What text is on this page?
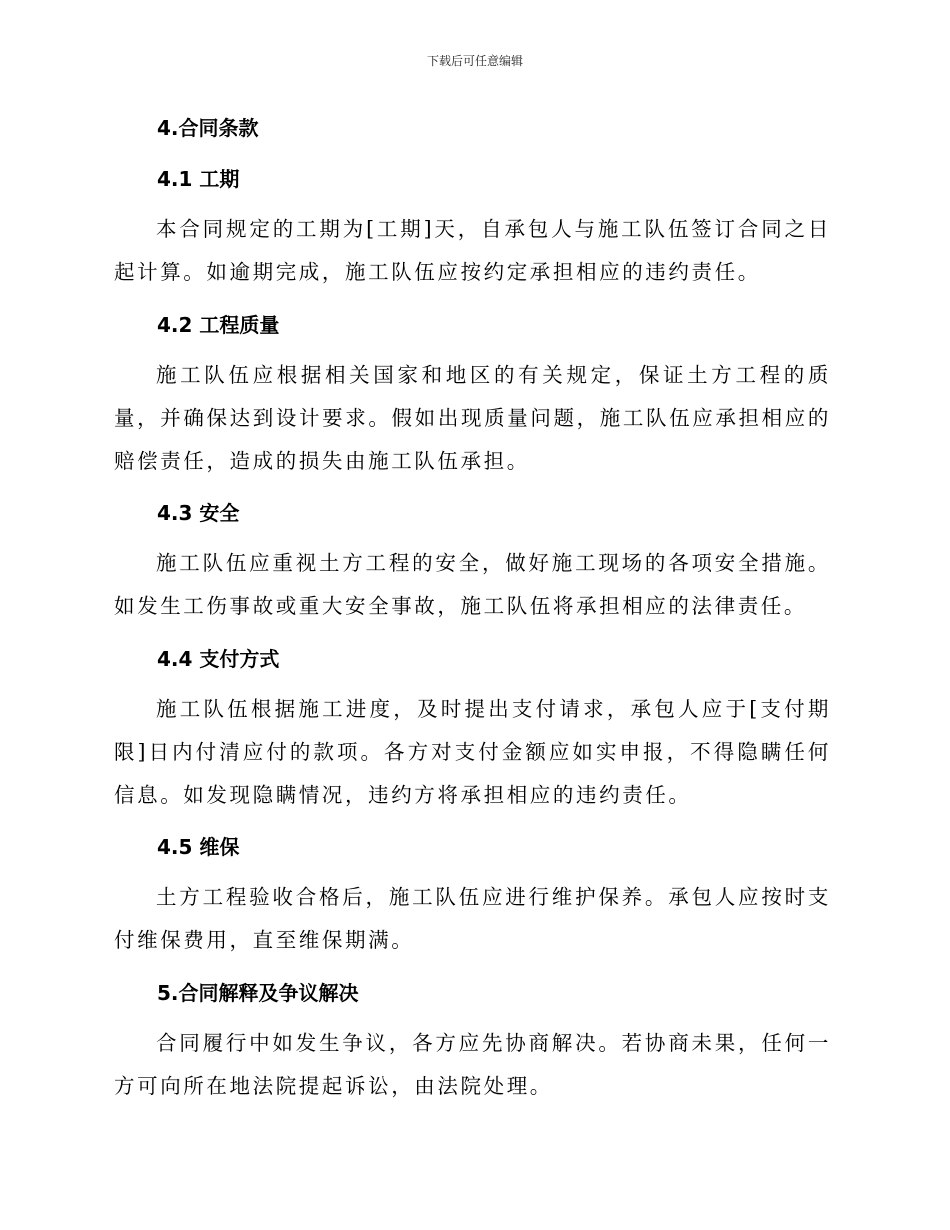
下载后可任意编辑
4.合同条款
4.1 工期
本合同规定的工期为[工期]天，自承包人与施工队伍签订合同之日起计算。如逾期完成，施工队伍应按约定承担相应的违约责任。
4.2 工程质量
施工队伍应根据相关国家和地区的有关规定，保证土方工程的质量，并确保达到设计要求。假如出现质量问题，施工队伍应承担相应的赔偿责任，造成的损失由施工队伍承担。
4.3 安全
施工队伍应重视土方工程的安全，做好施工现场的各项安全措施。如发生工伤事故或重大安全事故，施工队伍将承担相应的法律责任。
4.4 支付方式
施工队伍根据施工进度，及时提出支付请求，承包人应于[支付期限]日内付清应付的款项。各方对支付金额应如实申报，不得隐瞒任何信息。如发现隐瞒情况，违约方将承担相应的违约责任。
4.5 维保
土方工程验收合格后，施工队伍应进行维护保养。承包人应按时支付维保费用，直至维保期满。
5.合同解释及争议解决
合同履行中如发生争议，各方应先协商解决。若协商未果，任何一方可向所在地法院提起诉讼，由法院处理。
